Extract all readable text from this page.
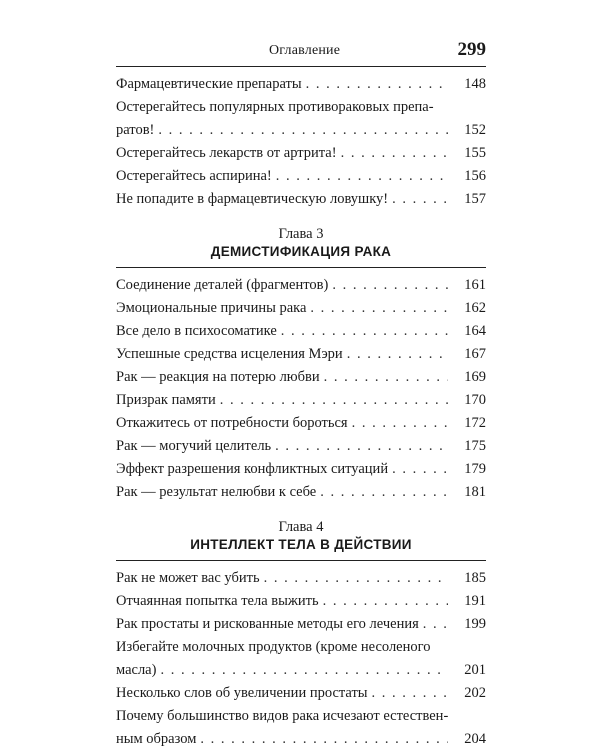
Оглавление	299
Фармацевтические препараты . . .	148
Остерегайтесь популярных противораковых препа-
ратов! . . .	152
Остерегайтесь лекарств от артрита! . . .	155
Остерегайтесь аспирина! . . .	156
Не попадите в фармацевтическую ловушку! . . .	157
Глава 3
ДЕМИСТИФИКАЦИЯ РАКА
Соединение деталей (фрагментов) . . .	161
Эмоциональные причины рака . . .	162
Все дело в психосоматике . . .	164
Успешные средства исцеления Мэри . . .	167
Рак — реакция на потерю любви . . .	169
Призрак памяти . . .	170
Откажитесь от потребности бороться . . .	172
Рак — могучий целитель . . .	175
Эффект разрешения конфликтных ситуаций . . .	179
Рак — результат нелюбви к себе . . .	181
Глава 4
ИНТЕЛЛЕКТ ТЕЛА В ДЕЙСТВИИ
Рак не может вас убить . . .	185
Отчаянная попытка тела выжить . . .	191
Рак простаты и рискованные методы его лечения . . .	199
Избегайте молочных продуктов (кроме несоленого
масла) . . .	201
Несколько слов об увеличении простаты . . .	202
Почему большинство видов рака исчезают естествен-
ным образом . . .	204
